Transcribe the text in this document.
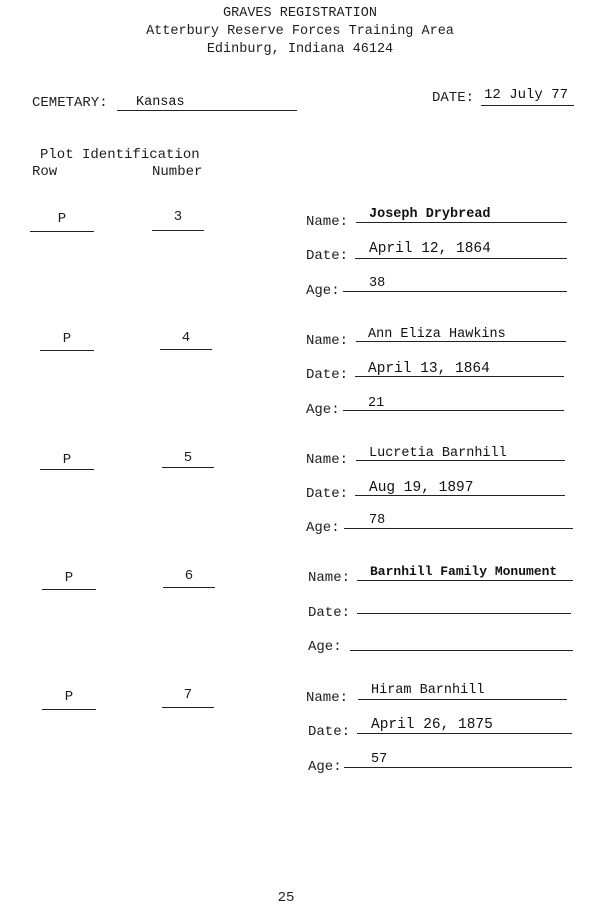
GRAVES REGISTRATION
Atterbury Reserve Forces Training Area
Edinburg, Indiana 46124
CEMETARY: Kansas	DATE: 12 July 77
Plot Identification
Row	Number
P	3	Name: Joseph Drybread
Date: April 12, 1864
Age: 38
P	4	Name: Ann Eliza Hawkins
Date: April 13, 1864
Age: 21
P	5	Name: Lucretia Barnhill
Date: Aug 19, 1897
Age: 78
P	6	Name: Barnhill Family Monument
Date:
Age:
P	7	Name: Hiram Barnhill
Date: April 26, 1875
Age: 57
25
